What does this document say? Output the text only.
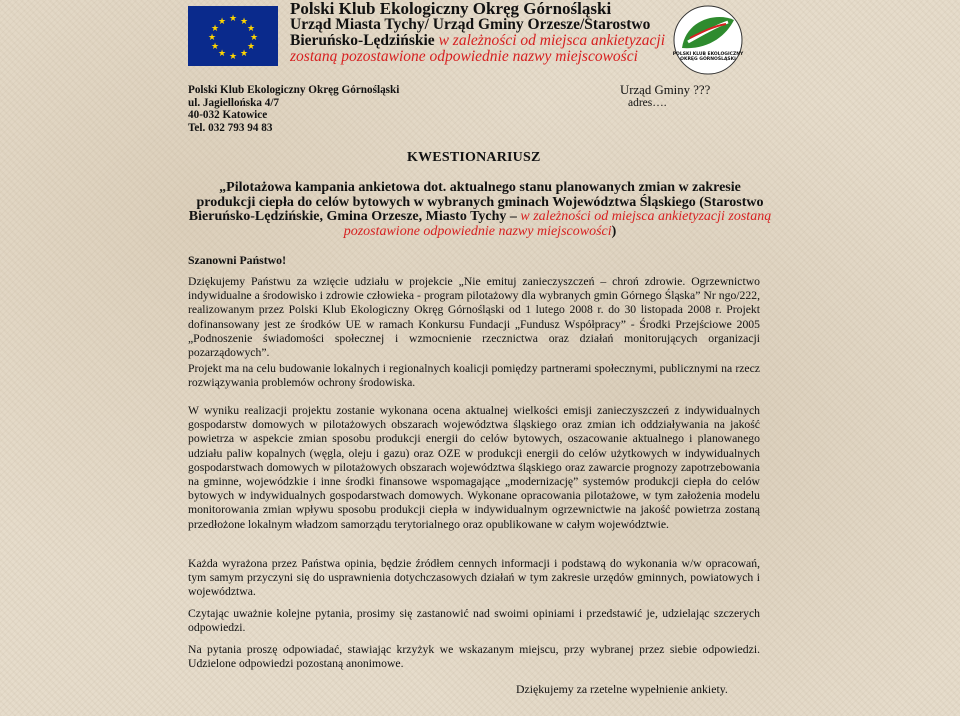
★ ★
★
★
★
★
★
★
★
★
★
★
Polski Klub Ekologiczny Okręg Górnośląski
Urząd Miasta Tychy/ Urząd Gminy Orzesze/Starostwo
Bieruńsko-Lędzińskie w zależności od miejsca ankietyzacji
zostaną pozostawione odpowiednie nazwy miejscowości	POLSKI KLUB EKOLOGICZNY OKRĘG GÓRNOŚLĄSKI
Polski Klub Ekologiczny Okręg Górnośląski
ul. Jagiellońska 4/7
40-032 Katowice
Tel. 032 793 94 83
Urząd Gminy ???
adres….
KWESTIONARIUSZ
„Pilotażowa kampania ankietowa dot. aktualnego stanu planowanych zmian w zakresie produkcji ciepła do celów bytowych w wybranych gminach Województwa Śląskiego (Starostwo Bieruńsko-Lędzińskie, Gmina Orzesze, Miasto Tychy – w zależności od miejsca ankietyzacji zostaną pozostawione odpowiednie nazwy miejscowości)
Szanowni Państwo!

Dziękujemy Państwu za wzięcie udziału w projekcie „Nie emituj zanieczyszczeń – chroń zdrowie. Ogrzewnictwo indywidualne a środowisko i zdrowie człowieka - program pilotażowy dla wybranych gmin Górnego Śląska” Nr ngo/222, realizowanym przez Polski Klub Ekologiczny Okręg Górnośląski od 1 lutego 2008 r. do 30 listopada 2008 r. Projekt dofinansowany jest ze środków UE w ramach Konkursu Fundacji „Fundusz Współpracy” - Środki Przejściowe 2005 „Podnoszenie świadomości społecznej i wzmocnienie rzecznictwa oraz działań monitorujących organizacji pozarządowych”.

Projekt ma na celu budowanie lokalnych i regionalnych koalicji pomiędzy partnerami społecznymi, publicznymi na rzecz rozwiązywania problemów ochrony środowiska.

W wyniku realizacji projektu zostanie wykonana ocena aktualnej wielkości emisji zanieczyszczeń z indywidualnych gospodarstw domowych w pilotażowych obszarach województwa śląskiego oraz zmian ich oddziaływania na jakość powietrza w aspekcie zmian sposobu produkcji energii do celów bytowych, oszacowanie aktualnego i planowanego udziału paliw kopalnych (węgla, oleju i gazu) oraz OZE w produkcji energii do celów użytkowych w indywidualnych gospodarstwach domowych w pilotażowych obszarach województwa śląskiego oraz zawarcie prognozy zapotrzebowania na gminne, wojewódzkie i inne środki finansowe wspomagające „modernizację” systemów produkcji ciepła do celów bytowych w indywidualnych gospodarstwach domowych. Wykonane opracowania pilotażowe, w tym założenia modelu monitorowania zmian wpływu sposobu produkcji ciepła w indywidualnym ogrzewnictwie na jakość powietrza zostaną przedłożone lokalnym władzom samorządu terytorialnego oraz opublikowane w całym województwie.

Każda wyrażona przez Państwa opinia, będzie źródłem cennych informacji i podstawą do wykonania w/w opracowań, tym samym przyczyni się do usprawnienia dotychczasowych działań w tym zakresie urzędów gminnych, powiatowych i województwa.

Czytając uważnie kolejne pytania, prosimy się zastanowić nad swoimi opiniami i przedstawić je, udzielając szczerych odpowiedzi.

Na pytania proszę odpowiadać, stawiając krzyżyk we wskazanym miejscu, przy wybranej przez siebie odpowiedzi. Udzielone odpowiedzi pozostaną anonimowe.

Dziękujemy za rzetelne wypełnienie ankiety.
